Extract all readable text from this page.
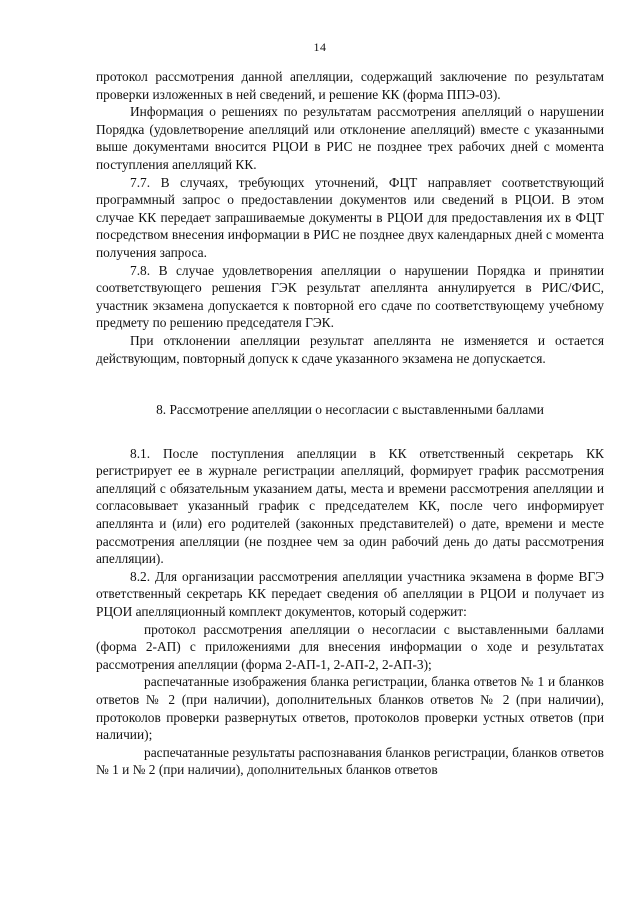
14

протокол рассмотрения данной апелляции, содержащий заключение по результатам проверки изложенных в ней сведений, и решение КК (форма ППЭ-03).

Информация о решениях по результатам рассмотрения апелляций о нарушении Порядка (удовлетворение апелляций или отклонение апелляций) вместе с указанными выше документами вносится РЦОИ в РИС не позднее трех рабочих дней с момента поступления апелляций КК.

7.7. В случаях, требующих уточнений, ФЦТ направляет соответствующий программный запрос о предоставлении документов или сведений в РЦОИ. В этом случае КК передает запрашиваемые документы в РЦОИ для предоставления их в ФЦТ посредством внесения информации в РИС не позднее двух календарных дней с момента получения запроса.

7.8. В случае удовлетворения апелляции о нарушении Порядка и принятии соответствующего решения ГЭК результат апеллянта аннулируется в РИС/ФИС, участник экзамена допускается к повторной его сдаче по соответствующему учебному предмету по решению председателя ГЭК.

При отклонении апелляции результат апеллянта не изменяется и остается действующим, повторный допуск к сдаче указанного экзамена не допускается.

8. Рассмотрение апелляции о несогласии с выставленными баллами

8.1. После поступления апелляции в КК ответственный секретарь КК регистрирует ее в журнале регистрации апелляций, формирует график рассмотрения апелляций с обязательным указанием даты, места и времени рассмотрения апелляции и согласовывает указанный график с председателем КК, после чего информирует апеллянта и (или) его родителей (законных представителей) о дате, времени и месте рассмотрения апелляции (не позднее чем за один рабочий день до даты рассмотрения апелляции).

8.2. Для организации рассмотрения апелляции участника экзамена в форме ВГЭ ответственный секретарь КК передает сведения об апелляции в РЦОИ и получает из РЦОИ апелляционный комплект документов, который содержит:

протокол рассмотрения апелляции о несогласии с выставленными баллами (форма 2-АП) с приложениями для внесения информации о ходе и результатах рассмотрения апелляции (форма 2-АП-1, 2-АП-2, 2-АП-3);

распечатанные изображения бланка регистрации, бланка ответов № 1 и бланков ответов № 2 (при наличии), дополнительных бланков ответов № 2 (при наличии), протоколов проверки развернутых ответов, протоколов проверки устных ответов (при наличии);

распечатанные результаты распознавания бланков регистрации, бланков ответов № 1 и № 2 (при наличии), дополнительных бланков ответов
